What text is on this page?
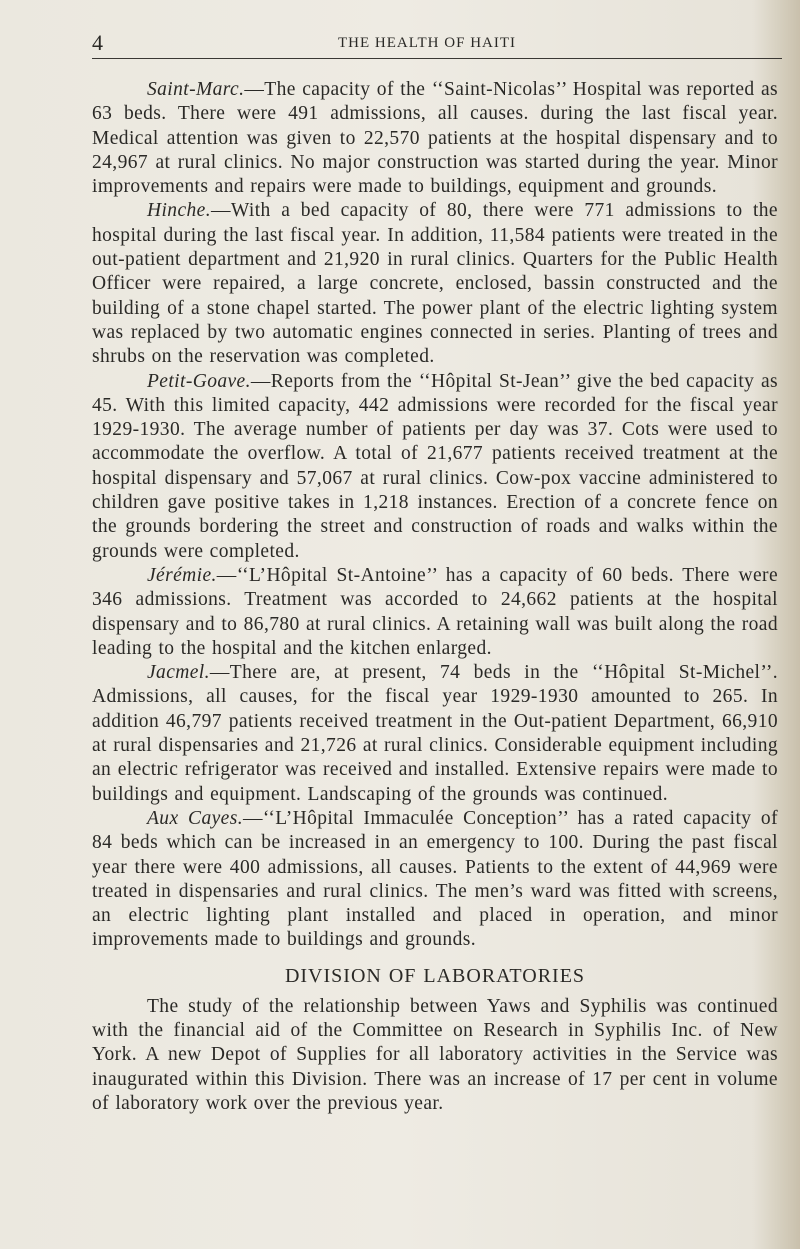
4	THE HEALTH OF HAITI

Saint-Marc.—The capacity of the ‘‘Saint-Nicolas’’ Hospital was reported as 63 beds. There were 491 admissions, all causes. during the last fiscal year. Medical attention was given to 22,570 patients at the hospital dispensary and to 24,967 at rural clinics. No major construction was started during the year. Minor improvements and repairs were made to buildings, equipment and grounds.

Hinche.—With a bed capacity of 80, there were 771 admissions to the hospital during the last fiscal year. In addition, 11,584 patients were treated in the out-patient department and 21,920 in rural clinics. Quarters for the Public Health Officer were repaired, a large concrete, enclosed, bassin constructed and the building of a stone chapel started. The power plant of the electric lighting system was replaced by two automatic engines connected in series. Planting of trees and shrubs on the reservation was completed.

Petit-Goave.—Reports from the ‘‘Hôpital St-Jean’’ give the bed capacity as 45. With this limited capacity, 442 admissions were recorded for the fiscal year 1929-1930. The average number of patients per day was 37. Cots were used to accommodate the overflow. A total of 21,677 patients received treatment at the hospital dispensary and 57,067 at rural clinics. Cow-pox vaccine administered to children gave positive takes in 1,218 instances. Erection of a concrete fence on the grounds bordering the street and construction of roads and walks within the grounds were completed.

Jérémie.—‘‘L’Hôpital St-Antoine’’ has a capacity of 60 beds. There were 346 admissions. Treatment was accorded to 24,662 patients at the hospital dispensary and to 86,780 at rural clinics. A retaining wall was built along the road leading to the hospital and the kitchen enlarged.

Jacmel.—There are, at present, 74 beds in the ‘‘Hôpital St-Michel’’. Admissions, all causes, for the fiscal year 1929-1930 amounted to 265. In addition 46,797 patients received treatment in the Out-patient Department, 66,910 at rural dispensaries and 21,726 at rural clinics. Considerable equipment including an electric refrigerator was received and installed. Extensive repairs were made to buildings and equipment. Landscaping of the grounds was continued.

Aux Cayes.—‘‘L’Hôpital Immaculée Conception’’ has a rated capacity of 84 beds which can be increased in an emergency to 100. During the past fiscal year there were 400 admissions, all causes. Patients to the extent of 44,969 were treated in dispensaries and rural clinics. The men’s ward was fitted with screens, an electric lighting plant installed and placed in operation, and minor improvements made to buildings and grounds.

DIVISION OF LABORATORIES

The study of the relationship between Yaws and Syphilis was continued with the financial aid of the Committee on Research in Syphilis Inc. of New York. A new Depot of Supplies for all laboratory activities in the Service was inaugurated within this Division. There was an increase of 17 per cent in volume of laboratory work over the previous year.
